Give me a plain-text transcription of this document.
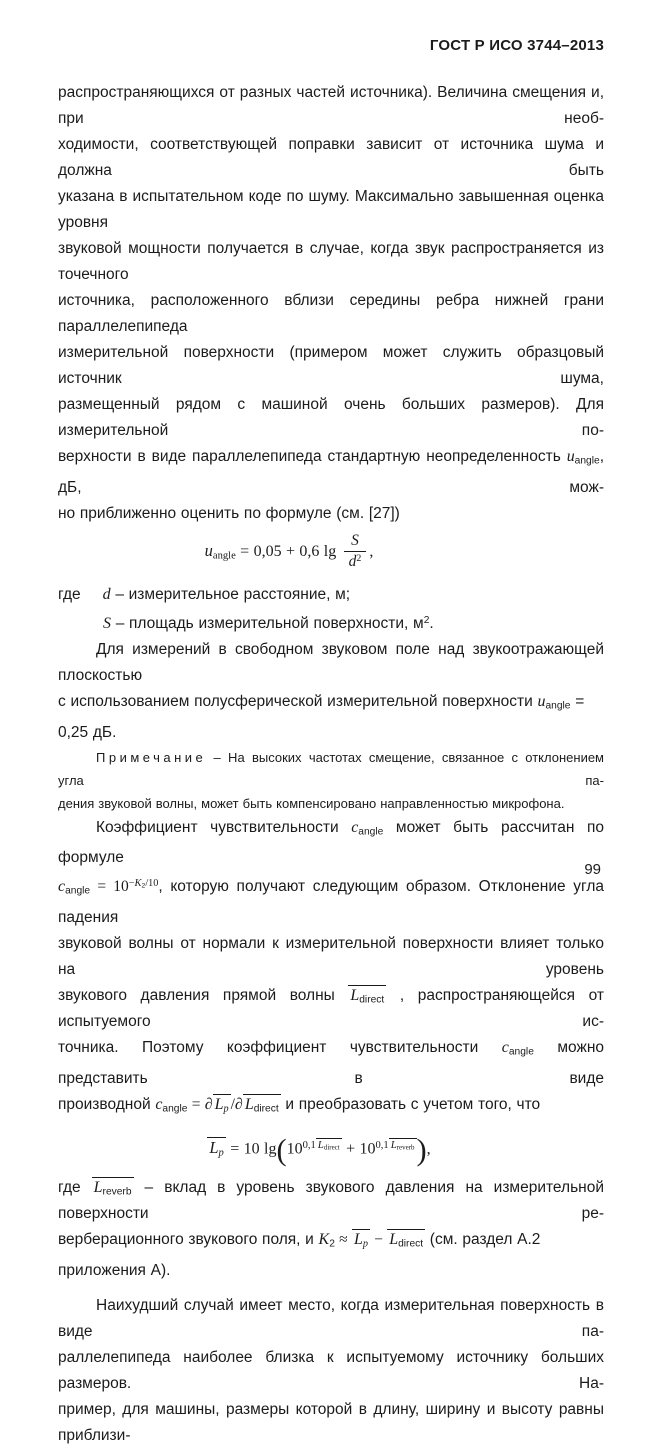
ГОСТ Р ИСО 3744–2013
распространяющихся от разных частей источника). Величина смещения и, при необ-
ходимости, соответствующей поправки зависит от источника шума и должна быть
указана в испытательном коде по шуму. Максимально завышенная оценка уровня
звуковой мощности получается в случае, когда звук распространяется из точечного
источника, расположенного вблизи середины ребра нижней грани параллелепипеда
измерительной поверхности (примером может служить образцовый источник шума,
размещенный рядом с машиной очень больших размеров). Для измерительной по-
верхности в виде параллелепипеда стандартную неопределенность $u_{angle}$, дБ, мож-
но приближенно оценить по формуле (см. [27])
$u_{angle} = 0,05 + 0,6$ $\lg \frac{S}{d^2}$ ,
где d – измерительное расстояние, м;
S – площадь измерительной поверхности, $м^2$.
Для измерений в свободном звуковом поле над звукоотражающей плоскостью
с использованием полусферической измерительной поверхности $u_{angle} = 0,25$ дБ.
Примечание – На высоких частотах смещение, связанное с отклонением угла па-
дения звуковой волны, может быть компенсировано направленностью микрофона.
Коэффициент чувствительности $c_{angle}$ может быть рассчитан по формуле
$c_{angle} = 10^{-K_2/10}$, которую получают следующим образом. Отклонение угла падения
звуковой волны от нормали к измерительной поверхности влияет только на уровень
звукового давления прямой волны $L_{direct}$ , распространяющейся от испытуемого ис-
точника. Поэтому коэффициент чувствительности $c_{angle}$ можно представить в виде
производной $c_{angle}$ = ∂ $L_p$ /∂ $L_{direct}$ и преобразовать с учетом того, что
$L_p = 10$ $\lg(10^{0,1 L_{direct}} + 10^{0,1 L_{reverb}})$,
где $L_{reverb}$ – вклад в уровень звукового давления на измерительной поверхности ре-
верберационного звукового поля, и $K_2 \approx L_p - L_{direct}$ (см. раздел А.2 приложения А).
Наихудший случай имеет место, когда измерительная поверхность в виде па-
раллелепипеда наиболее близка к испытуемому источнику больших размеров. На-
пример, для машины, размеры которой в длину, ширину и высоту равны приблизи-
99
